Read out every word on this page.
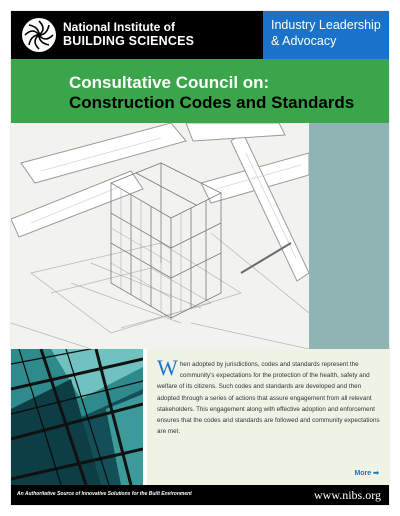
National Institute of
BUILDING SCIENCES
Industry Leadership
& Advocacy
Consultative Council on:
Construction Codes and Standards

When adopted by jurisdictions, codes and standards represent the community's expectations for the protection of the health, safety and welfare of its citizens. Such codes and standards are developed and then adopted through a series of actions that assure engagement from all relevant stakeholders. This engagement along with effective adoption and enforcement ensures that the codes and standards are followed and community expectations are met.

More ➡
An Authoritative Source of Innovative Solutions for the Built Environment	www.nibs.org
